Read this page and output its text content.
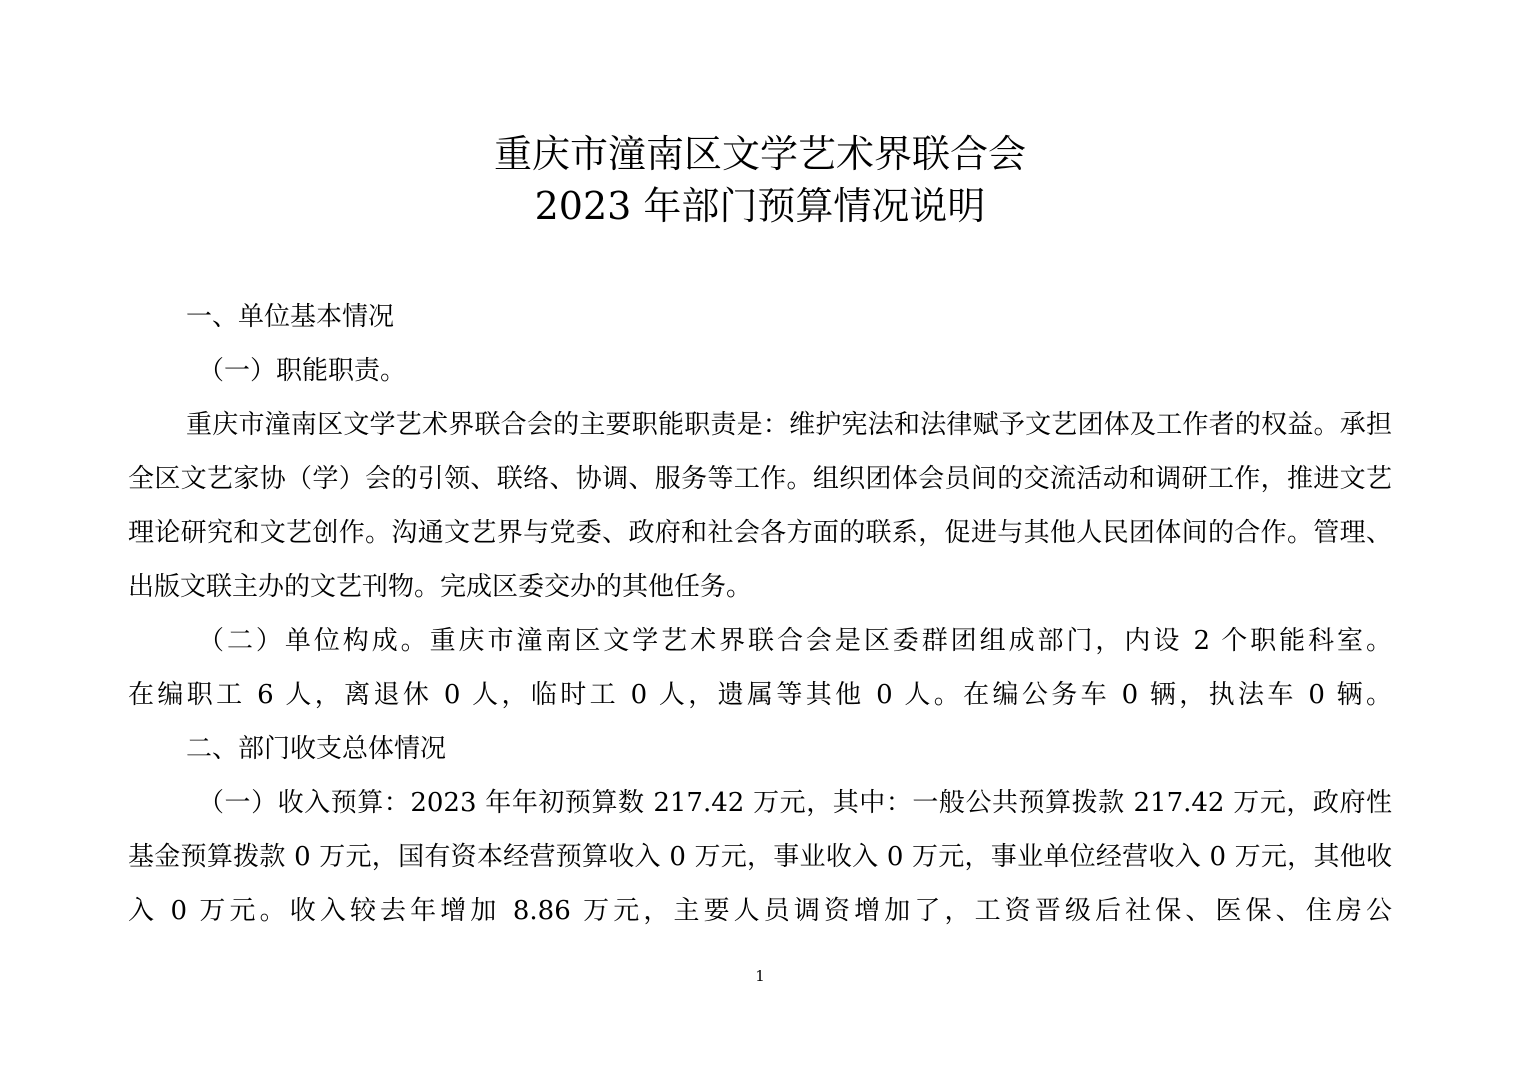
重庆市潼南区文学艺术界联合会
2023 年部门预算情况说明

一、单位基本情况

（一）职能职责。

重庆市潼南区文学艺术界联合会的主要职能职责是：维护宪法和法律赋予文艺团体及工作者的权益。承担全区文艺家协（学）会的引领、联络、协调、服务等工作。组织团体会员间的交流活动和调研工作，推进文艺理论研究和文艺创作。沟通文艺界与党委、政府和社会各方面的联系，促进与其他人民团体间的合作。管理、出版文联主办的文艺刊物。完成区委交办的其他任务。

（二）单位构成。重庆市潼南区文学艺术界联合会是区委群团组成部门，内设 2 个职能科室。

在编职工 6 人，离退休 0 人，临时工 0 人，遗属等其他 0 人。在编公务车 0 辆，执法车 0 辆。

二、部门收支总体情况

（一）收入预算：2023 年年初预算数 217.42 万元，其中：一般公共预算拨款 217.42 万元，政府性基金预算拨款 0 万元，国有资本经营预算收入 0 万元，事业收入 0 万元，事业单位经营收入 0 万元，其他收入 0 万元。收入较去年增加 8.86 万元，主要人员调资增加了，工资晋级后社保、医保、住房公

1
